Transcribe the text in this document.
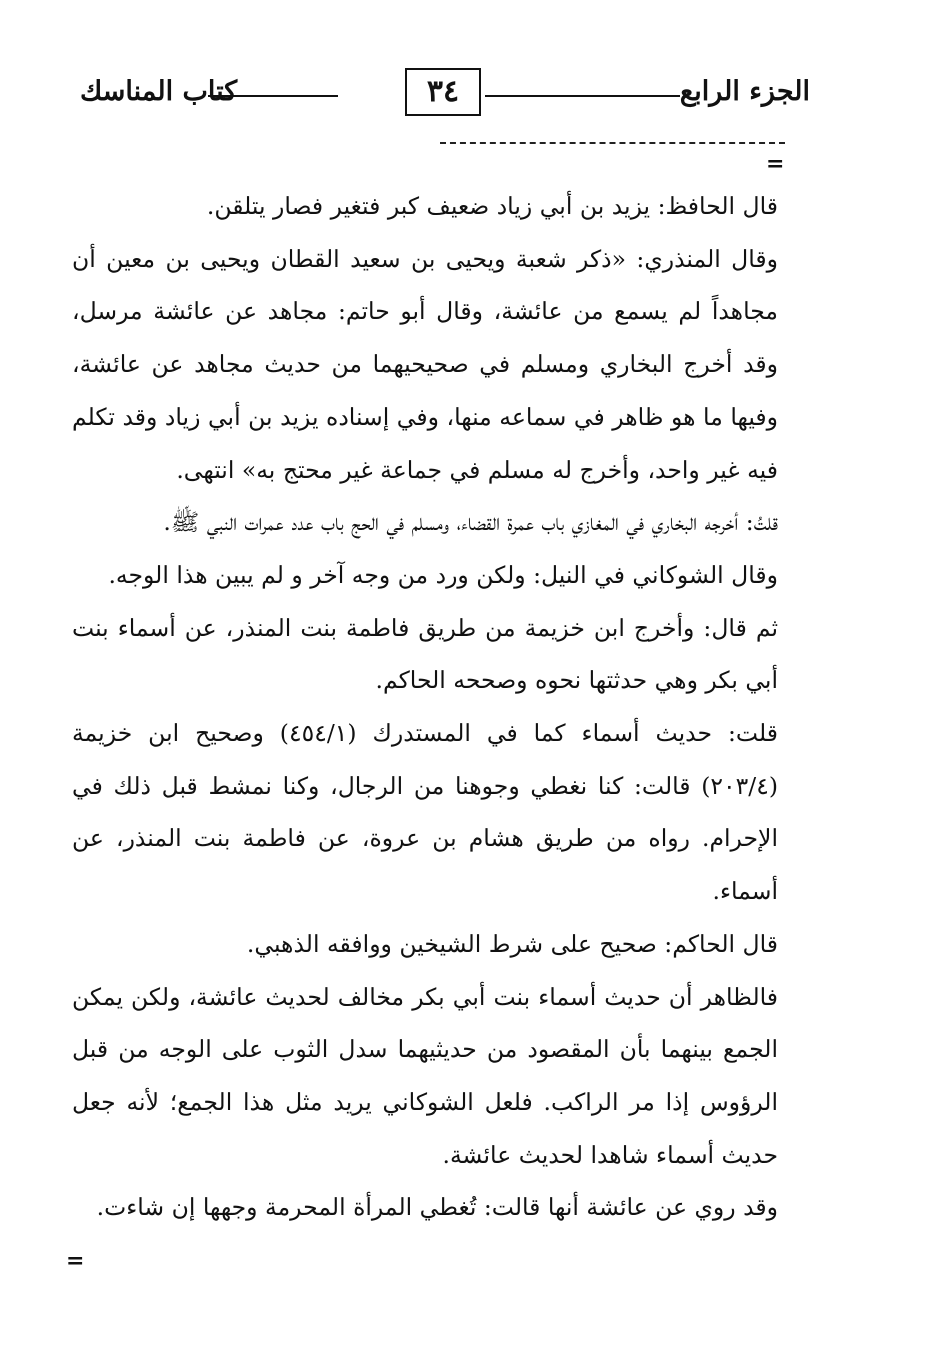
الجزء الرابع
٣٤
كتاب المناسك
=

قال الحافظ: يزيد بن أبي زياد ضعيف كبر فتغير فصار يتلقن.

وقال المنذري: «ذكر شعبة ويحيى بن سعيد القطان ويحيى بن معين أن مجاهداً لم يسمع من عائشة، وقال أبو حاتم: مجاهد عن عائشة مرسل، وقد أخرج البخاري ومسلم في صحيحيهما من حديث مجاهد عن عائشة، وفيها ما هو ظاهر في سماعه منها، وفي إسناده يزيد بن أبي زياد وقد تكلم فيه غير واحد، وأخرج له مسلم في جماعة غير محتج به» انتهى.

قلتُ: أخرجه البخاري في المغازي باب عمرة القضاء، ومسلم في الحج باب عدد عمرات النبي ﷺ.

وقال الشوكاني في النيل: ولكن ورد من وجه آخر و لم يبين هذا الوجه.

ثم قال: وأخرج ابن خزيمة من طريق فاطمة بنت المنذر، عن أسماء بنت أبي بكر وهي حدثتها نحوه وصححه الحاكم.

قلت: حديث أسماء كما في المستدرك (٤٥٤/١) وصحيح ابن خزيمة (٢٠٣/٤) قالت: كنا نغطي وجوهنا من الرجال، وكنا نمشط قبل ذلك في الإحرام. رواه من طريق هشام بن عروة، عن فاطمة بنت المنذر، عن أسماء.

قال الحاكم: صحيح على شرط الشيخين ووافقه الذهبي.

فالظاهر أن حديث أسماء بنت أبي بكر مخالف لحديث عائشة، ولكن يمكن الجمع بينهما بأن المقصود من حديثيهما سدل الثوب على الوجه من قبل الرؤوس إذا مر الراكب. فلعل الشوكاني يريد مثل هذا الجمع؛ لأنه جعل حديث أسماء شاهدا لحديث عائشة.

وقد روي عن عائشة أنها قالت: تُغطي المرأة المحرمة وجهها إن شاءت.

=
